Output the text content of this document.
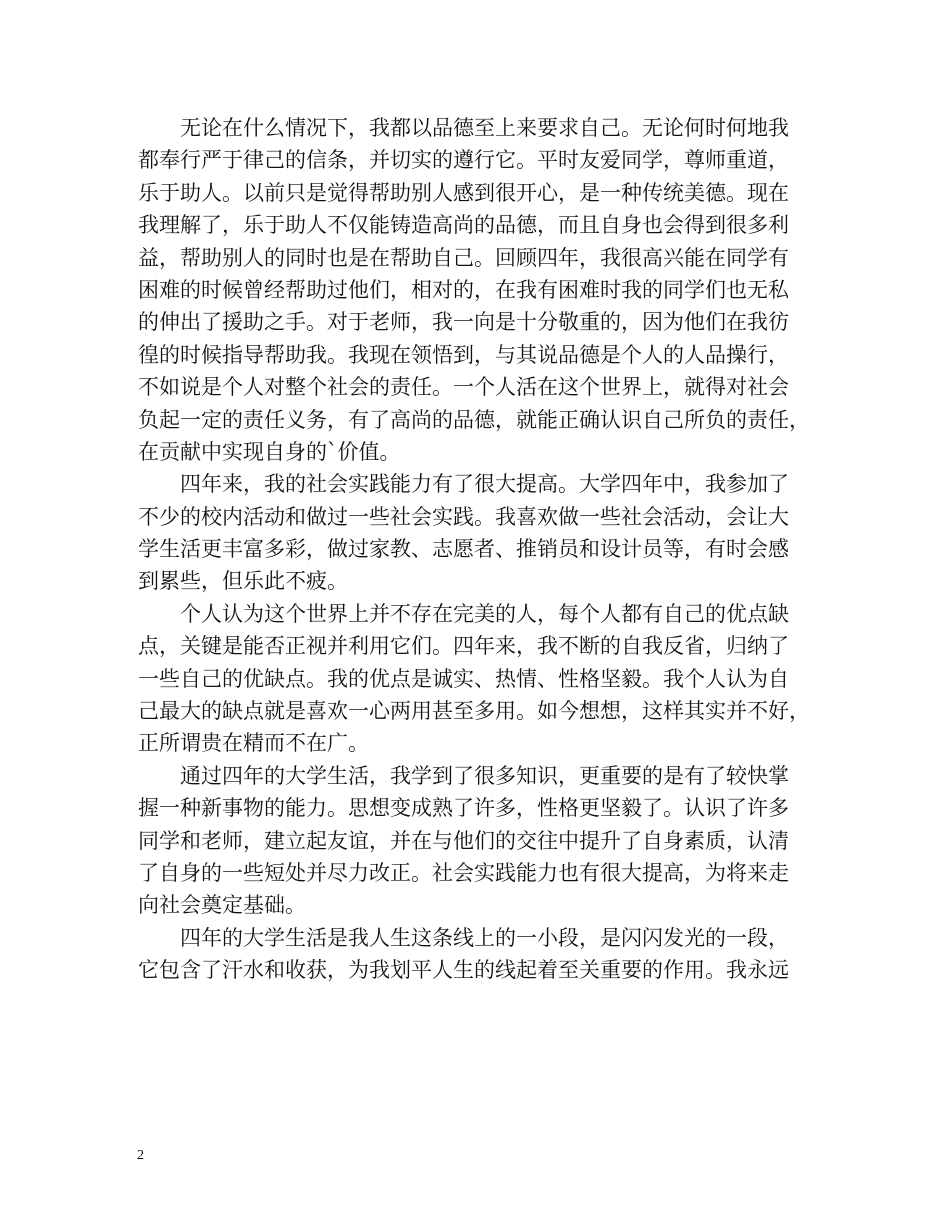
无论在什么情况下，我都以品德至上来要求自己。无论何时何地我
都奉行严于律己的信条，并切实的遵行它。平时友爱同学，尊师重道，
乐于助人。以前只是觉得帮助别人感到很开心，是一种传统美德。现在
我理解了，乐于助人不仅能铸造高尚的品德，而且自身也会得到很多利
益，帮助别人的同时也是在帮助自己。回顾四年，我很高兴能在同学有
困难的时候曾经帮助过他们，相对的，在我有困难时我的同学们也无私
的伸出了援助之手。对于老师，我一向是十分敬重的，因为他们在我彷
徨的时候指导帮助我。我现在领悟到，与其说品德是个人的人品操行，
不如说是个人对整个社会的责任。一个人活在这个世界上，就得对社会
负起一定的责任义务，有了高尚的品德，就能正确认识自己所负的责任，
在贡献中实现自身的`价值。
四年来，我的社会实践能力有了很大提高。大学四年中，我参加了
不少的校内活动和做过一些社会实践。我喜欢做一些社会活动，会让大
学生活更丰富多彩，做过家教、志愿者、推销员和设计员等，有时会感
到累些，但乐此不疲。
个人认为这个世界上并不存在完美的人，每个人都有自己的优点缺
点，关键是能否正视并利用它们。四年来，我不断的自我反省，归纳了
一些自己的优缺点。我的优点是诚实、热情、性格坚毅。我个人认为自
己最大的缺点就是喜欢一心两用甚至多用。如今想想，这样其实并不好，
正所谓贵在精而不在广。
通过四年的大学生活，我学到了很多知识，更重要的是有了较快掌
握一种新事物的能力。思想变成熟了许多，性格更坚毅了。认识了许多
同学和老师，建立起友谊，并在与他们的交往中提升了自身素质，认清
了自身的一些短处并尽力改正。社会实践能力也有很大提高，为将来走
向社会奠定基础。
四年的大学生活是我人生这条线上的一小段，是闪闪发光的一段，
它包含了汗水和收获，为我划平人生的线起着至关重要的作用。我永远
2
